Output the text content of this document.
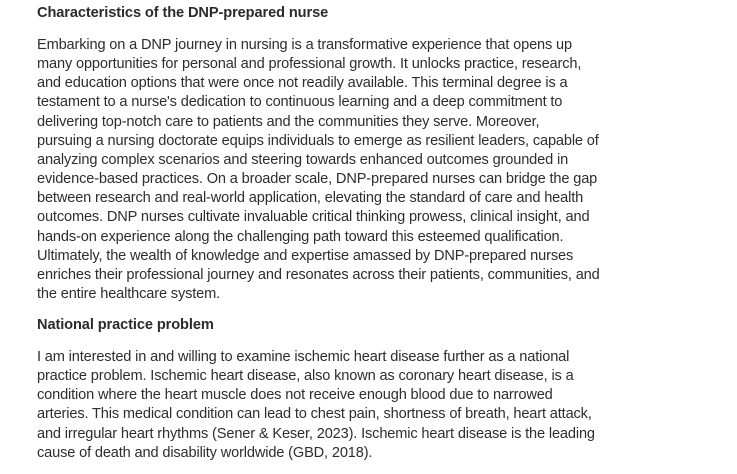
Characteristics of the DNP-prepared nurse

Embarking on a DNP journey in nursing is a transformative experience that opens up
many opportunities for personal and professional growth. It unlocks practice, research,
and education options that were once not readily available. This terminal degree is a
testament to a nurse's dedication to continuous learning and a deep commitment to
delivering top-notch care to patients and the communities they serve. Moreover,
pursuing a nursing doctorate equips individuals to emerge as resilient leaders, capable of
analyzing complex scenarios and steering towards enhanced outcomes grounded in
evidence-based practices. On a broader scale, DNP-prepared nurses can bridge the gap
between research and real-world application, elevating the standard of care and health
outcomes. DNP nurses cultivate invaluable critical thinking prowess, clinical insight, and
hands-on experience along the challenging path toward this esteemed qualification.
Ultimately, the wealth of knowledge and expertise amassed by DNP-prepared nurses
enriches their professional journey and resonates across their patients, communities, and
the entire healthcare system.

National practice problem

I am interested in and willing to examine ischemic heart disease further as a national
practice problem. Ischemic heart disease, also known as coronary heart disease, is a
condition where the heart muscle does not receive enough blood due to narrowed
arteries. This medical condition can lead to chest pain, shortness of breath, heart attack,
and irregular heart rhythms (Sener & Keser, 2023). Ischemic heart disease is the leading
cause of death and disability worldwide (GBD, 2018).
